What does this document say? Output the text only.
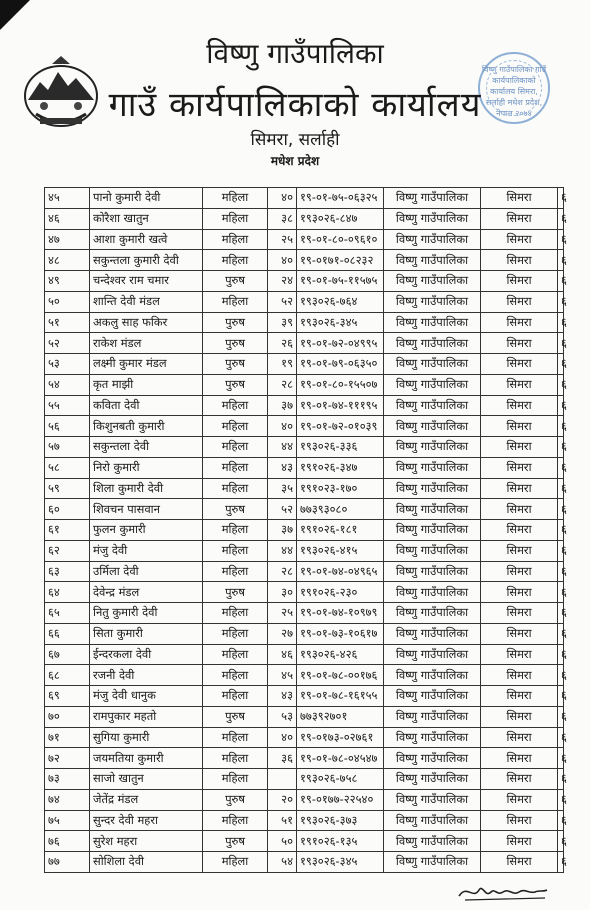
विष्णु गाउँपालिका गाउँ कार्यपालिकाको कार्यालय सिमरा, सर्लाही मधेश प्रदेश, नेपाल २०७४
विष्णु गाउँपालिका
गाउँ कार्यपालिकाको कार्यालय
सिमरा, सर्लाही
मधेश प्रदेश
४५	पानो कुमारी देवी	महिला	४०	१९-०१-७५-०६३२५	विष्णु गाउँपालिका	सिमरा	६
४६	कोरैशा खातुन	महिला	३८	१९३०२६-८४७	विष्णु गाउँपालिका	सिमरा	६
४७	आशा कुमारी खत्वे	महिला	२५	१९-०१-८०-०९६१०	विष्णु गाउँपालिका	सिमरा	६
४८	सकुन्तला कुमारी देवी	महिला	४०	१९-०१७१-०८२३२	विष्णु गाउँपालिका	सिमरा	६
४९	चन्देश्वर राम चमार	पुरुष	२४	१९-०१-७५-११५७५	विष्णु गाउँपालिका	सिमरा	६
५०	शान्ति देवी मंडल	महिला	५२	१९३०२६-७६४	विष्णु गाउँपालिका	सिमरा	६
५१	अकलु साह फकिर	पुरुष	३९	१९३०२६-३४५	विष्णु गाउँपालिका	सिमरा	६
५२	राकेश मंडल	पुरुष	२६	१९-०१-७२-०४९९५	विष्णु गाउँपालिका	सिमरा	६
५३	लक्ष्मी कुमार मंडल	पुरुष	१९	१९-०१-७९-०६३५०	विष्णु गाउँपालिका	सिमरा	६
५४	कृत माझी	पुरुष	२८	१९-०१-८०-१५५०७	विष्णु गाउँपालिका	सिमरा	६
५५	कविता देवी	महिला	३७	१९-०१-७४-१११९५	विष्णु गाउँपालिका	सिमरा	६
५६	किशुनबती कुमारी	महिला	४०	१९-०१-७२-०१०३९	विष्णु गाउँपालिका	सिमरा	६
५७	सकुन्तला देवी	महिला	४४	१९३०२६-३३६	विष्णु गाउँपालिका	सिमरा	६
५८	निरो कुमारी	महिला	४३	१९१०२६-३४७	विष्णु गाउँपालिका	सिमरा	६
५९	शिला कुमारी देवी	महिला	३५	१९१०२३-१७०	विष्णु गाउँपालिका	सिमरा	६
६०	शिवचन पासवान	पुरुष	५२	७७३९३०८०	विष्णु गाउँपालिका	सिमरा	६
६१	फुलन कुमारी	महिला	३७	१९१०२६-१८१	विष्णु गाउँपालिका	सिमरा	६
६२	मंजु देवी	महिला	४४	१९३०२६-४१५	विष्णु गाउँपालिका	सिमरा	६
६३	उर्मिला देवी	महिला	२८	१९-०१-७४-०४९६५	विष्णु गाउँपालिका	सिमरा	६
६४	देवेन्द्र मंडल	पुरुष	३०	१९१०२६-२३०	विष्णु गाउँपालिका	सिमरा	६
६५	नितु कुमारी देवी	महिला	२५	१९-०१-७४-१०९७९	विष्णु गाउँपालिका	सिमरा	६
६६	सिता कुमारी	महिला	२७	१९-०१-७३-१०६१७	विष्णु गाउँपालिका	सिमरा	६
६७	ईन्दरकला देवी	महिला	४६	१९३०२६-४२६	विष्णु गाउँपालिका	सिमरा	६
६८	रजनी देवी	महिला	४५	१९-०१-७८-००१७६	विष्णु गाउँपालिका	सिमरा	६
६९	मंजु देवी धानुक	महिला	४३	१९-०१-७८-१६१५५	विष्णु गाउँपालिका	सिमरा	६
७०	रामपुकार महतो	पुरुष	५३	७७३९२७०१	विष्णु गाउँपालिका	सिमरा	६
७१	सुगिया कुमारी	महिला	४०	१९-०१७३-०२७६१	विष्णु गाउँपालिका	सिमरा	६
७२	जयमतिया कुमारी	महिला	३६	१९-०१-७८-०४५४७	विष्णु गाउँपालिका	सिमरा	६
७३	साजो खातुन	महिला		१९३०२६-७५८	विष्णु गाउँपालिका	सिमरा	६
७४	जेतेंद्र मंडल	पुरुष	२०	१९-०१७७-२२५४०	विष्णु गाउँपालिका	सिमरा	६
७५	सुन्दर देवी महरा	महिला	५१	१९३०२६-३७३	विष्णु गाउँपालिका	सिमरा	६
७६	सुरेश महरा	पुरुष	५०	१९१०२६-१३५	विष्णु गाउँपालिका	सिमरा	६
७७	सोशिला देवी	महिला	५४	१९३०२६-३४५	विष्णु गाउँपालिका	सिमरा	६
